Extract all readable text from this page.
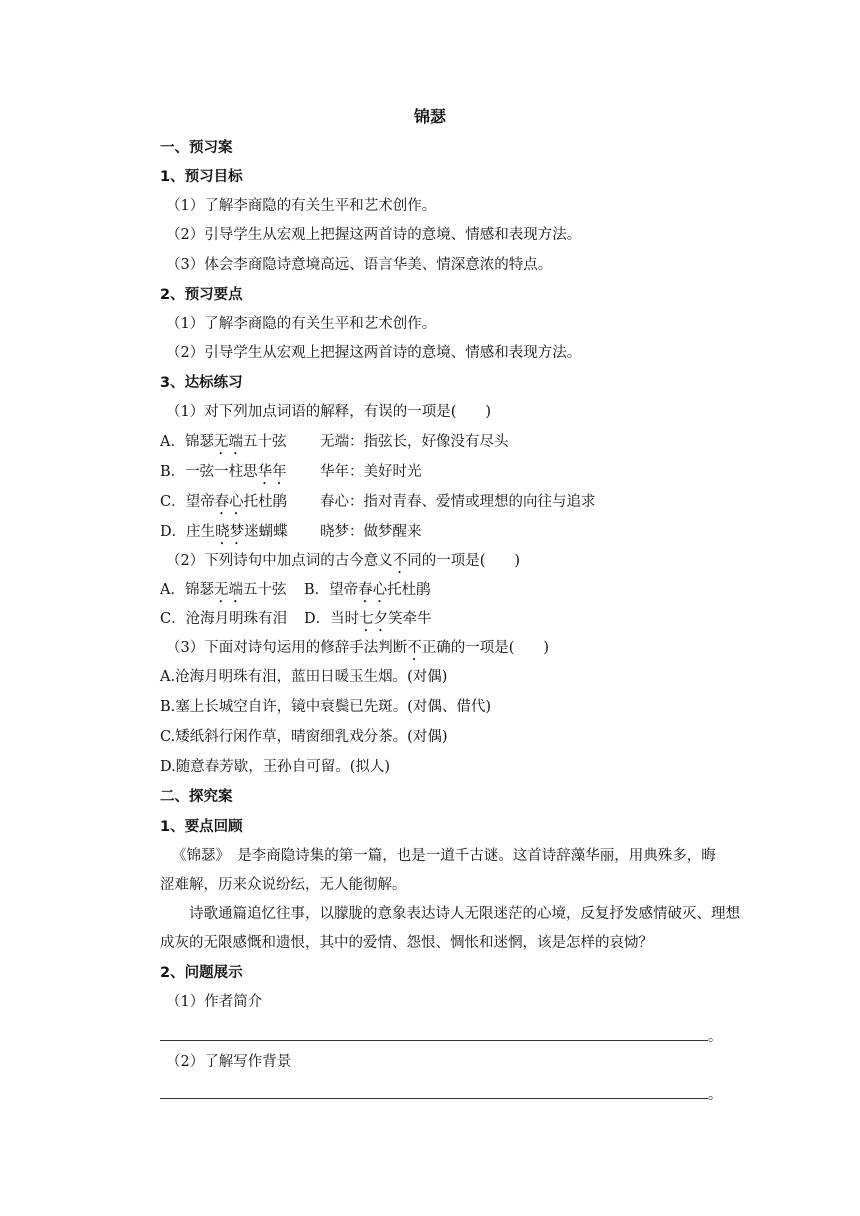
锦瑟
一、预习案
1、预习目标
（1）了解李商隐的有关生平和艺术创作。
（2）引导学生从宏观上把握这两首诗的意境、情感和表现方法。
（3）体会李商隐诗意境高远、语言华美、情深意浓的特点。
2、预习要点
（1）了解李商隐的有关生平和艺术创作。
（2）引导学生从宏观上把握这两首诗的意境、情感和表现方法。
3、达标练习
（1）对下列加点词语的解释，有误的一项是(　　)
A．锦瑟无端五十弦 无端：指弦长，好像没有尽头
B．一弦一柱思华年 华年：美好时光
C．望帝春心托杜鹃 春心：指对青春、爱情或理想的向往与追求
D．庄生晓梦迷蝴蝶 晓梦：做梦醒来
（2）下列诗句中加点词的古今意义不同的一项是(　　)
A．锦瑟无端五十弦 B．望帝春心托杜鹃
C．沧海月明珠有泪 D．当时七夕笑牵牛
（3）下面对诗句运用的修辞手法判断不正确的一项是(　　)
A.沧海月明珠有泪，蓝田日暖玉生烟。(对偶)
B.塞上长城空自许，镜中衰鬓已先斑。(对偶、借代)
C.矮纸斜行闲作草，晴窗细乳戏分茶。(对偶)
D.随意春芳歇，王孙自可留。(拟人)
二、探究案
1、要点回顾
《锦瑟》　是李商隐诗集的第一篇，也是一道千古谜。这首诗辞藻华丽，用典殊多，晦
涩难解，历来众说纷纭，无人能彻解。
诗歌通篇追忆往事，以朦胧的意象表达诗人无限迷茫的心境，反复抒发感情破灭、理想
成灰的无限感慨和遗恨，其中的爱情、怨恨、惆怅和迷惘，该是怎样的哀恸？
2、问题展示
（1）作者简介
。
（2）了解写作背景
。
